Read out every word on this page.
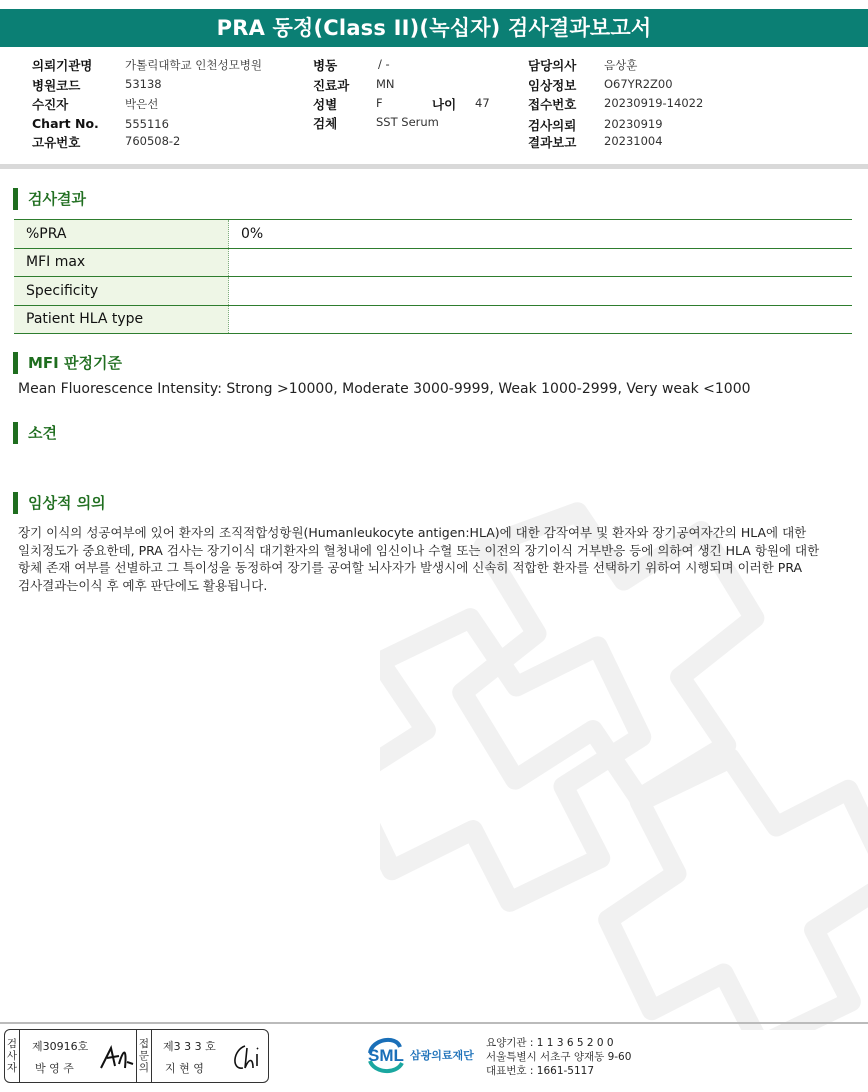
PRA 동정(Class II)(녹십자) 검사결과보고서
의뢰기관명	가톨릭대학교 인천성모병원
병원코드	53138
수진자	박은선
Chart No. 555116
고유번호	760508-2
병동	/ -
진료과 MN
성별	F	나이 47
검체	SST Serum
담당의사 음상훈
임상정보 O67YR2Z00
접수번호 20230919-14022
검사의뢰 20230919
결과보고 20231004
검사결과
%PRA	0%
MFI max	
Specificity	
Patient HLA type	
MFI 판정기준
Mean Fluorescence Intensity: Strong >10000, Moderate 3000-9999, Weak 1000-2999, Very weak <1000
소견
임상적 의의
장기 이식의 성공여부에 있어 환자의 조직적합성항원(Humanleukocyte antigen:HLA)에 대한 감작여부 및 환자와 장기공여자간의 HLA에 대한
일치정도가 중요한데, PRA 검사는 장기이식 대기환자의 혈청내에 임신이나 수혈 또는 이전의 장기이식 거부반응 등에 의하여 생긴 HLA 항원에 대한
항체 존재 여부를 선별하고 그 특이성을 동정하여 장기를 공여할 뇌사자가 발생시에 신속히 적합한 환자를 선택하기 위하여 시행되며 이러한 PRA
검사결과는이식 후 예후 판단에도 활용됩니다.
검
사
자
제30916호
박 영 주
접
문
의
제3 3 3 호
지 현 영
SML 삼광의료재단
요양기관 : 1 1 3 6 5 2 0 0
서울특별시 서초구 양재동 9-60
대표번호 : 1661-5117
